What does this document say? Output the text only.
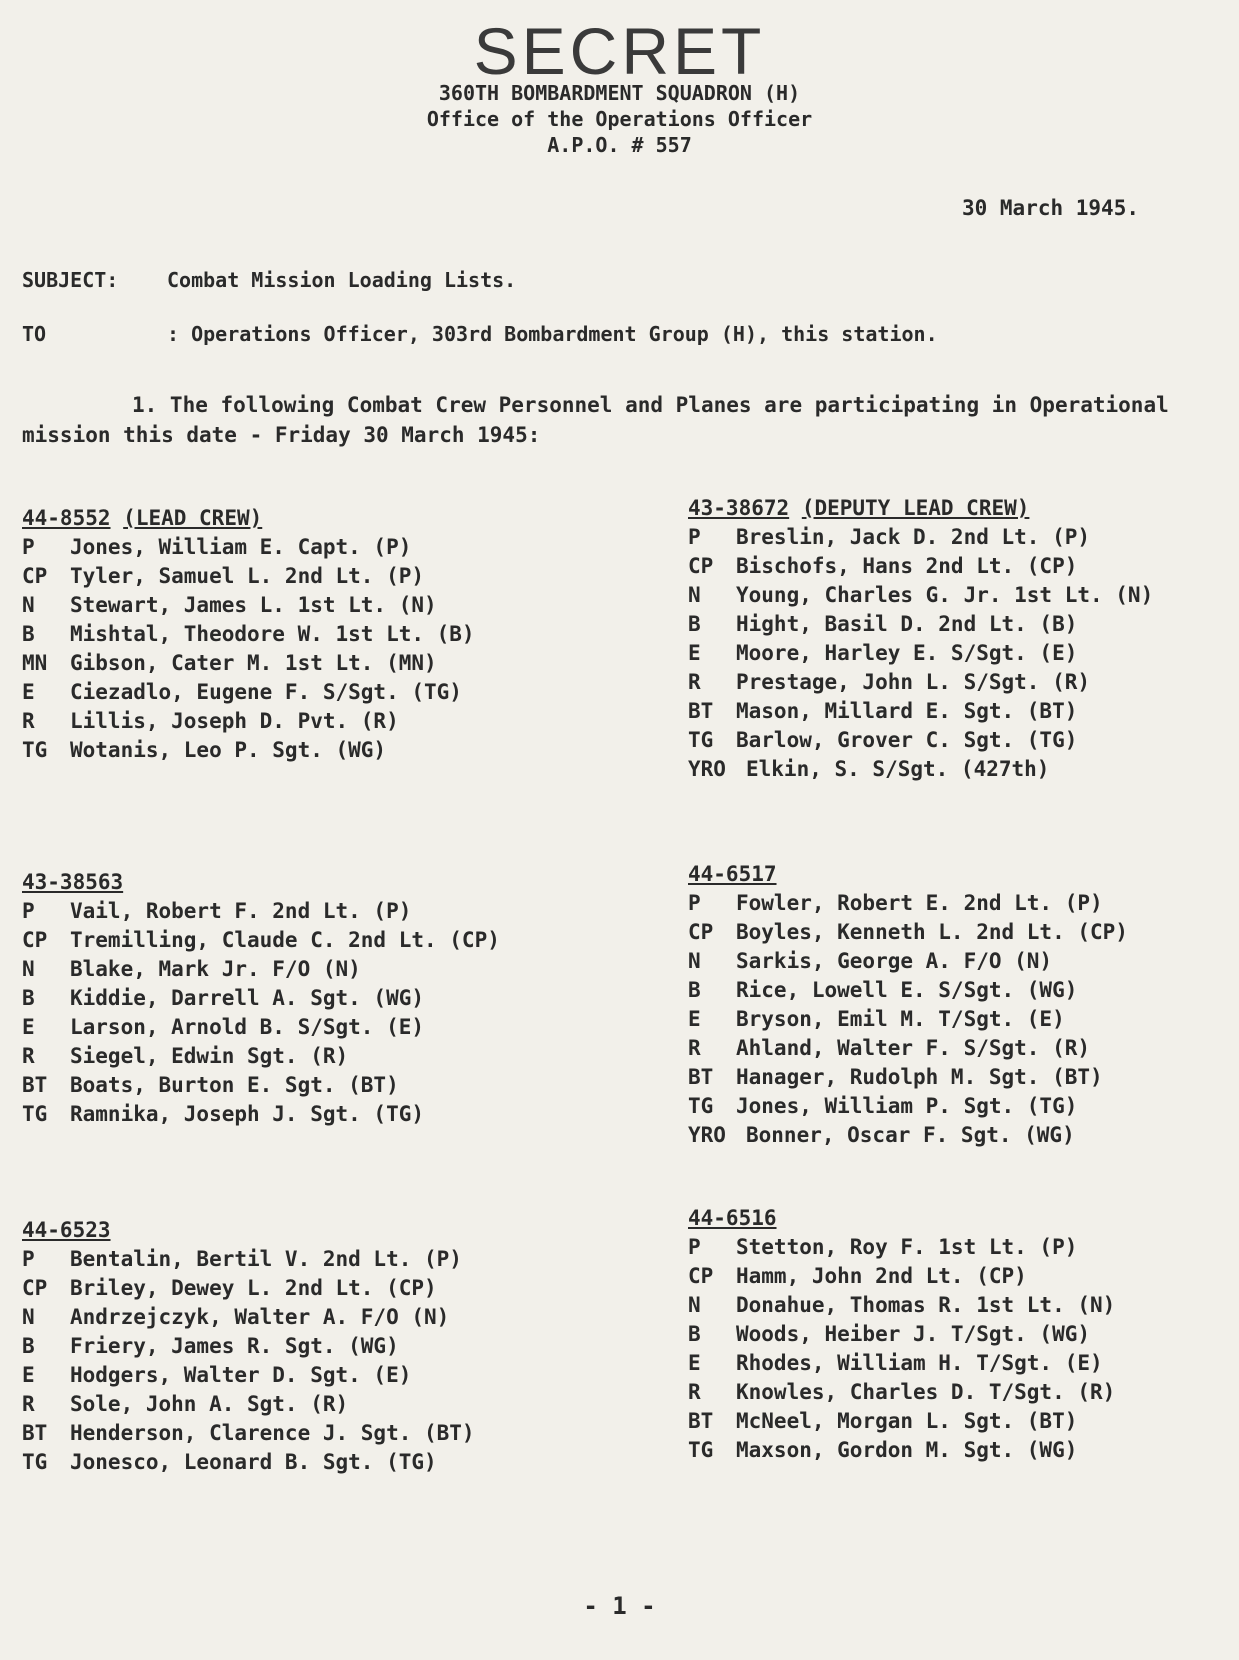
SECRET
360TH BOMBARDMENT SQUADRON (H)
Office of the Operations Officer
A.P.O. # 557
30 March 1945.
SUBJECT: Combat Mission Loading Lists.
TO	: Operations Officer, 303rd Bombardment Group (H), this station.
1. The following Combat Crew Personnel and Planes are participating in Operational mission this date - Friday 30 March 1945:
44-8552 (LEAD CREW)
P Jones, William E. Capt. (P)
CP Tyler, Samuel L. 2nd Lt. (P)
N Stewart, James L. 1st Lt. (N)
B Mishtal, Theodore W. 1st Lt. (B)
MN Gibson, Cater M. 1st Lt. (MN)
E Ciezadlo, Eugene F. S/Sgt. (TG)
R Lillis, Joseph D. Pvt. (R)
TG Wotanis, Leo P. Sgt. (WG)
43-38672 (DEPUTY LEAD CREW)
P Breslin, Jack D. 2nd Lt. (P)
CP Bischofs, Hans 2nd Lt. (CP)
N Young, Charles G. Jr. 1st Lt. (N)
B Hight, Basil D. 2nd Lt. (B)
E Moore, Harley E. S/Sgt. (E)
R Prestage, John L. S/Sgt. (R)
BT Mason, Millard E. Sgt. (BT)
TG Barlow, Grover C. Sgt. (TG)
YRO Elkin, S. S/Sgt. (427th)
43-38563
P Vail, Robert F. 2nd Lt. (P)
CP Tremilling, Claude C. 2nd Lt. (CP)
N Blake, Mark Jr. F/O (N)
B Kiddie, Darrell A. Sgt. (WG)
E Larson, Arnold B. S/Sgt. (E)
R Siegel, Edwin Sgt. (R)
BT Boats, Burton E. Sgt. (BT)
TG Ramnika, Joseph J. Sgt. (TG)
44-6517
P Fowler, Robert E. 2nd Lt. (P)
CP Boyles, Kenneth L. 2nd Lt. (CP)
N Sarkis, George A. F/O (N)
B Rice, Lowell E. S/Sgt. (WG)
E Bryson, Emil M. T/Sgt. (E)
R Ahland, Walter F. S/Sgt. (R)
BT Hanager, Rudolph M. Sgt. (BT)
TG Jones, William P. Sgt. (TG)
YRO Bonner, Oscar F. Sgt. (WG)
44-6523
P Bentalin, Bertil V. 2nd Lt. (P)
CP Briley, Dewey L. 2nd Lt. (CP)
N Andrzejczyk, Walter A. F/O (N)
B Friery, James R. Sgt. (WG)
E Hodgers, Walter D. Sgt. (E)
R Sole, John A. Sgt. (R)
BT Henderson, Clarence J. Sgt. (BT)
TG Jonesco, Leonard B. Sgt. (TG)
44-6516
P Stetton, Roy F. 1st Lt. (P)
CP Hamm, John 2nd Lt. (CP)
N Donahue, Thomas R. 1st Lt. (N)
B Woods, Heiber J. T/Sgt. (WG)
E Rhodes, William H. T/Sgt. (E)
R Knowles, Charles D. T/Sgt. (R)
BT McNeel, Morgan L. Sgt. (BT)
TG Maxson, Gordon M. Sgt. (WG)
- 1 -
